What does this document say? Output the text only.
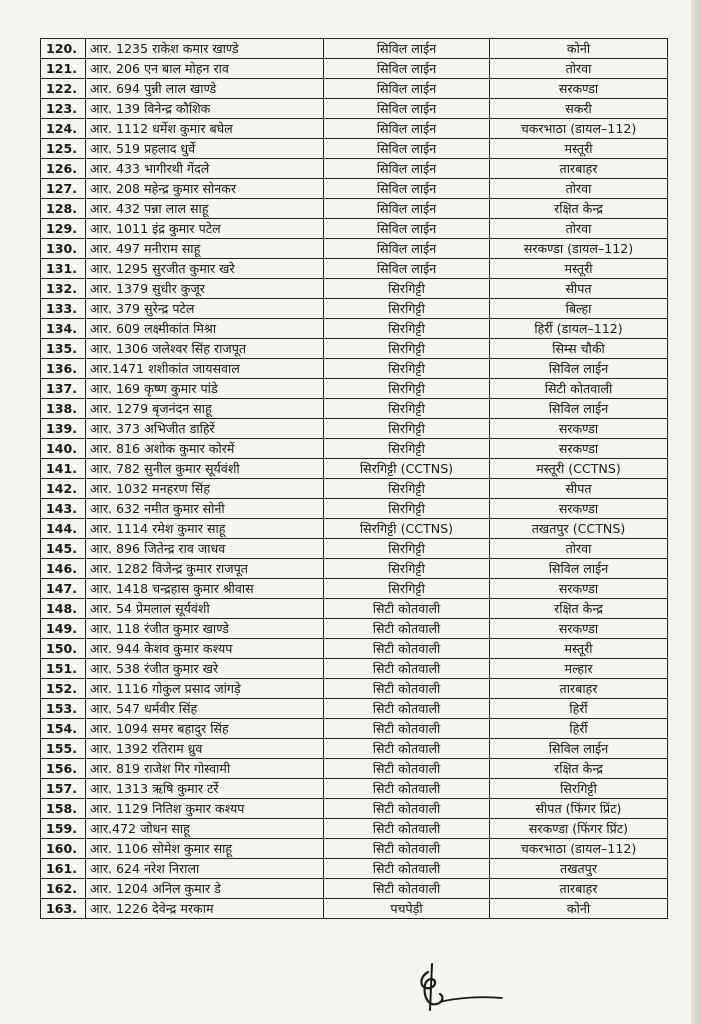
120.	आर. 1235 राकेश कमार खाण्डे	सिविल लाईन	कोनी
121.	आर. 206 एन बाल मोहन राव	सिविल लाईन	तोरवा
122.	आर. 694 पुन्नी लाल खाण्डे	सिविल लाईन	सरकण्डा
123.	आर. 139 विनेन्द्र कौशिक	सिविल लाईन	सकरी
124.	आर. 1112 धर्मेश कुमार बघेल	सिविल लाईन	चकरभाठा (डायल–112)
125.	आर. 519 प्रहलाद धुर्वे	सिविल लाईन	मस्तूरी
126.	आर. 433 भागीरथी गेंदले	सिविल लाईन	तारबाहर
127.	आर. 208 महेन्द्र कुमार सोनकर	सिविल लाईन	तोरवा
128.	आर. 432 पन्ना लाल साहू	सिविल लाईन	रक्षित केन्द्र
129.	आर. 1011 इंद्र कुमार पटेल	सिविल लाईन	तोरवा
130.	आर. 497 मनीराम साहू	सिविल लाईन	सरकण्डा (डायल–112)
131.	आर. 1295 सुरजीत कुमार खरे	सिविल लाईन	मस्तूरी
132.	आर. 1379 सुधीर कुजूर	सिरगिट्टी	सीपत
133.	आर. 379 सुरेन्द्र पटेल	सिरगिट्टी	बिल्हा
134.	आर. 609 लक्ष्मीकांत मिश्रा	सिरगिट्टी	हिर्री (डायल–112)
135.	आर. 1306 जलेश्वर सिंह राजपूत	सिरगिट्टी	सिम्स चौकी
136.	आर.1471 शशीकांत जायसवाल	सिरगिट्टी	सिविल लाईन
137.	आर. 169 कृष्ण कुमार पांडे	सिरगिट्टी	सिटी कोतवाली
138.	आर. 1279 बृजनंदन साहू	सिरगिट्टी	सिविल लाईन
139.	आर. 373 अभिजीत डाहिरें	सिरगिट्टी	सरकण्डा
140.	आर. 816 अशोक कुमार कोरमें	सिरगिट्टी	सरकण्डा
141.	आर. 782 सुनील कुमार सूर्यवंशी	सिरगिट्टी (CCTNS)	मस्तूरी (CCTNS)
142.	आर. 1032 मनहरण सिंह	सिरगिट्टी	सीपत
143.	आर. 632 नमीत कुमार सोनी	सिरगिट्टी	सरकण्डा
144.	आर. 1114 रमेश कुमार साहू	सिरगिट्टी (CCTNS)	तखतपुर (CCTNS)
145.	आर. 896 जितेन्द्र राव जाधव	सिरगिट्टी	तोरवा
146.	आर. 1282 विजेन्द्र कुमार राजपूत	सिरगिट्टी	सिविल लाईन
147.	आर. 1418 चन्द्रहास कुमार श्रीवास	सिरगिट्टी	सरकण्डा
148.	आर. 54 प्रेमलाल सूर्यवंशी	सिटी कोतवाली	रक्षित केन्द्र
149.	आर. 118 रंजीत कुमार खाण्डे	सिटी कोतवाली	सरकण्डा
150.	आर. 944 केशव कुमार कश्यप	सिटी कोतवाली	मस्तूरी
151.	आर. 538 रंजीत कुमार खरे	सिटी कोतवाली	मल्हार
152.	आर. 1116 गोकुल प्रसाद जांगड़े	सिटी कोतवाली	तारबाहर
153.	आर. 547 धर्मवीर सिंह	सिटी कोतवाली	हिर्री
154.	आर. 1094 समर बहादुर सिंह	सिटी कोतवाली	हिर्री
155.	आर. 1392 रतिराम ध्रुव	सिटी कोतवाली	सिविल लाईन
156.	आर. 819 राजेश गिर गोस्वामी	सिटी कोतवाली	रक्षित केन्द्र
157.	आर. 1313 ऋषि कुमार टर्रे	सिटी कोतवाली	सिरगिट्टी
158.	आर. 1129 नितिश कुमार कश्यप	सिटी कोतवाली	सीपत (फिंगर प्रिंट)
159.	आर.472 जोधन साहू	सिटी कोतवाली	सरकण्डा (फिंगर प्रिंट)
160.	आर. 1106 सोमेश कुमार साहू	सिटी कोतवाली	चकरभाठा (डायल–112)
161.	आर. 624 नरेश निराला	सिटी कोतवाली	तखतपुर
162.	आर. 1204 अनिल कुमार डे	सिटी कोतवाली	तारबाहर
163.	आर. 1226 देवेन्द्र मरकाम	पचपेड़ी	कोनी
